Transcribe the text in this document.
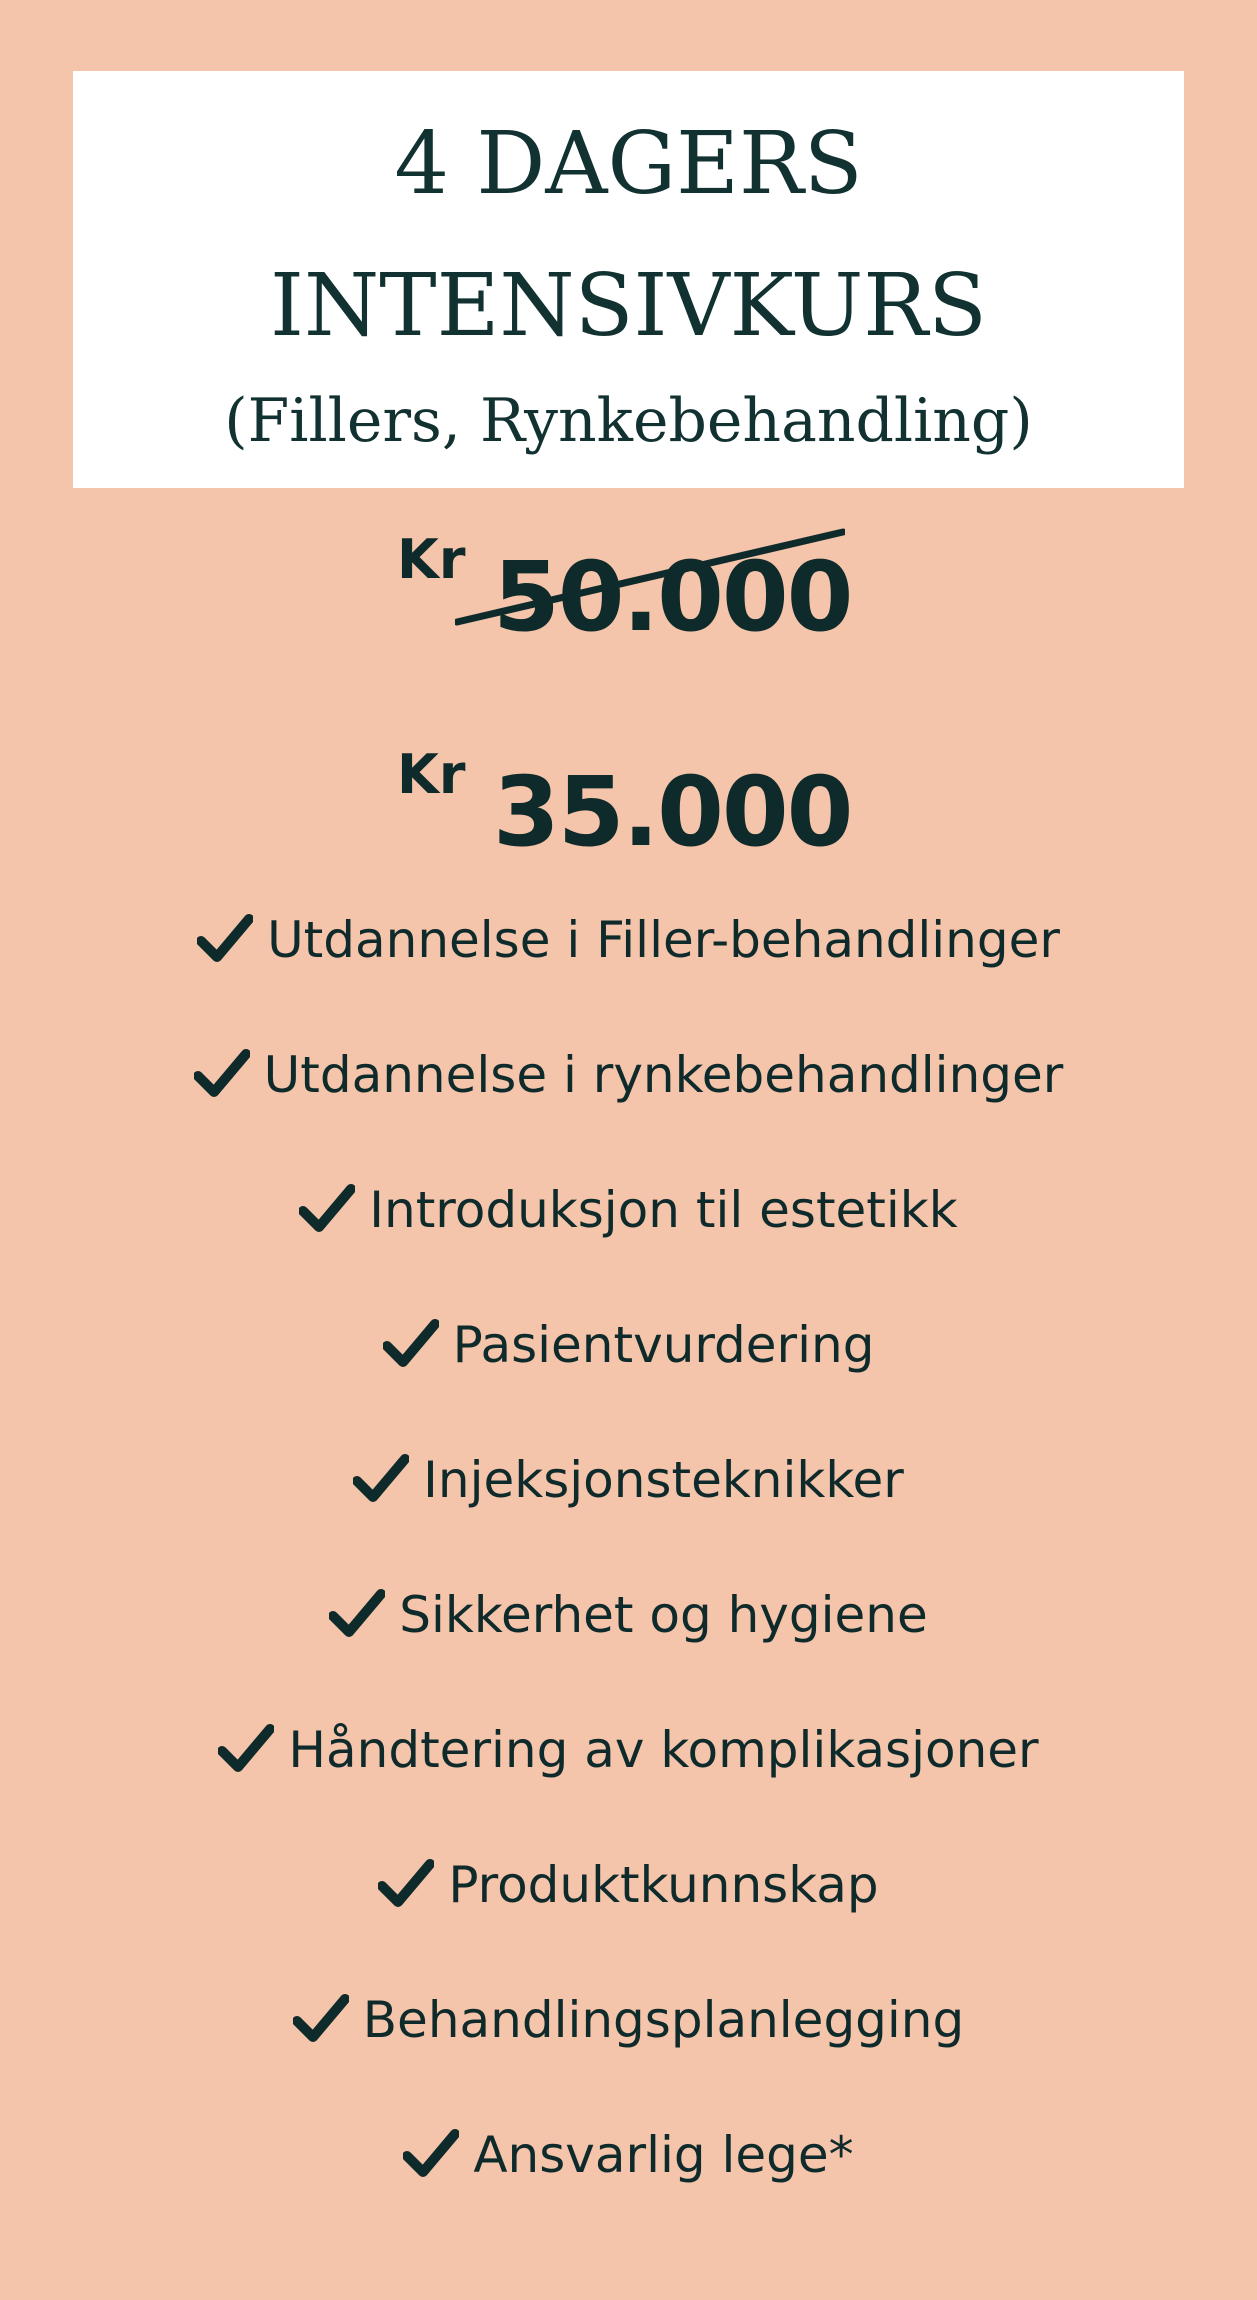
4 DAGERS
INTENSIVKURS
(Fillers, Rynkebehandling)
Kr 50.000
Kr 35.000
Utdannelse i Filler-behandlinger
Utdannelse i rynkebehandlinger
Introduksjon til estetikk
Pasientvurdering
Injeksjonsteknikker
Sikkerhet og hygiene
Håndtering av komplikasjoner
Produktkunnskap
Behandlingsplanlegging
Ansvarlig lege*
